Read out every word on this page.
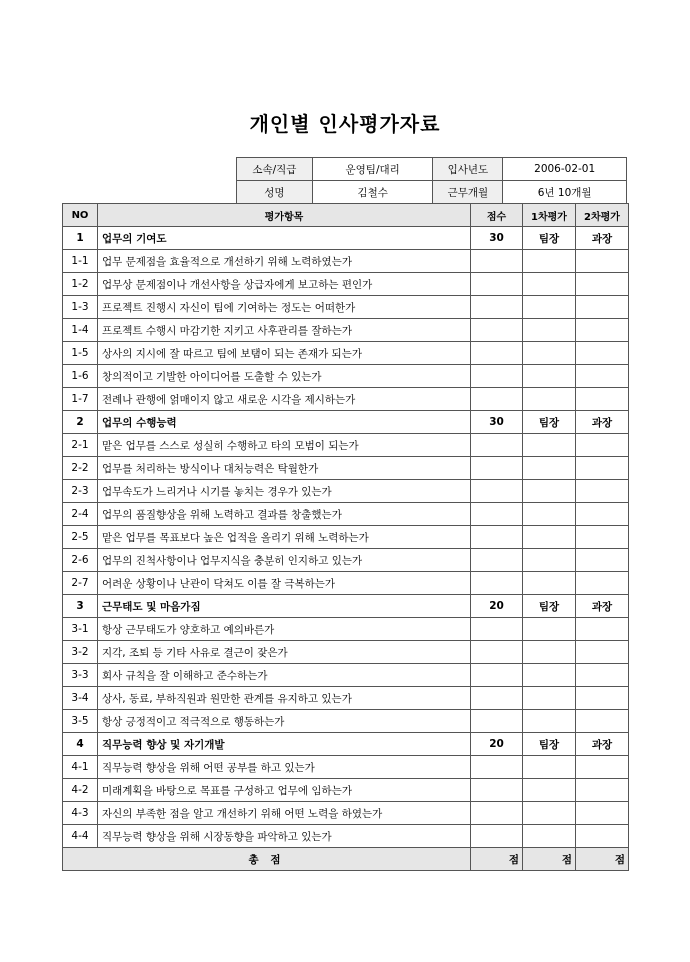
개인별 인사평가자료
소속/직급	운영팀/대리	입사년도	2006-02-01
성명	김철수	근무개월	6년 10개월
NO	평가항목	점수	1차평가	2차평가
1	업무의 기여도	30	팀장	과장
1-1	업무 문제점을 효율적으로 개선하기 위해 노력하였는가			
1-2	업무상 문제점이나 개선사항을 상급자에게 보고하는 편인가			
1-3	프로젝트 진행시 자신이 팀에 기여하는 정도는 어떠한가			
1-4	프로젝트 수행시 마감기한 지키고 사후관리를 잘하는가			
1-5	상사의 지시에 잘 따르고 팀에 보탬이 되는 존재가 되는가			
1-6	창의적이고 기발한 아이디어를 도출할 수 있는가			
1-7	전례나 관행에 얽매이지 않고 새로운 시각을 제시하는가			
2	업무의 수행능력	30	팀장	과장
2-1	맡은 업무를 스스로 성실히 수행하고 타의 모범이 되는가			
2-2	업무를 처리하는 방식이나 대처능력은 탁월한가			
2-3	업무속도가 느리거나 시기를 놓치는 경우가 있는가			
2-4	업무의 품질향상을 위해 노력하고 결과를 창출했는가			
2-5	맡은 업무를 목표보다 높은 업적을 올리기 위해 노력하는가			
2-6	업무의 진척사항이나 업무지식을 충분히 인지하고 있는가			
2-7	어려운 상황이나 난관이 닥쳐도 이를 잘 극복하는가			
3	근무태도 및 마음가짐	20	팀장	과장
3-1	항상 근무태도가 양호하고 예의바른가			
3-2	지각, 조퇴 등 기타 사유로 결근이 잦은가			
3-3	회사 규칙을 잘 이해하고 준수하는가			
3-4	상사, 동료, 부하직원과 원만한 관계를 유지하고 있는가			
3-5	항상 긍정적이고 적극적으로 행동하는가			
4	직무능력 향상 및 자기개발	20	팀장	과장
4-1	직무능력 향상을 위해 어떤 공부를 하고 있는가			
4-2	미래계획을 바탕으로 목표를 구성하고 업무에 임하는가			
4-3	자신의 부족한 점을 알고 개선하기 위해 어떤 노력을 하였는가			
4-4	직무능력 향상을 위해 시장동향을 파악하고 있는가			
총 점		점	점	점
